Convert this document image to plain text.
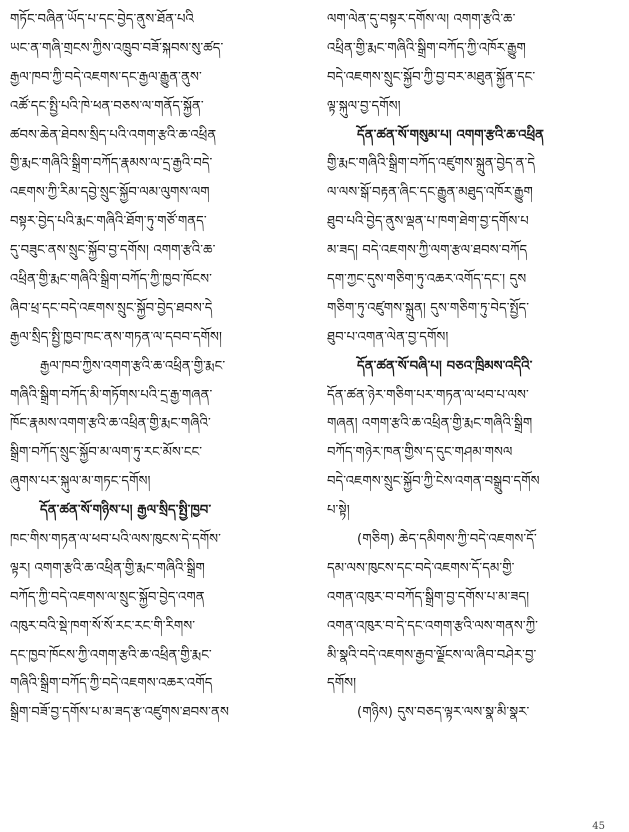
གཏོང་བཞིན་ཡོད་པ་དང་བྱེད་ནུས་ཐོན་པའི
ཡང་ན་གཞི་གྲངས་ཀྱིས་འཁྲུབ་བཟོ་སྐབས་སུ་ཚད་
རྒྱལ་ཁབ་ཀྱི་བདེ་འཇགས་དང་རྒྱལ་རྒྱུན་ནུས་
འཚོ་དང་སྤྱི་པའི་ཁེ་ཕན་བཅས་ལ་གནོད་སྐྱོན་
ཚབས་ཆེན་ཐེབས་སྲིད་པའི་འགག་རྩའི་ཆ་འཕྲིན
གྱི་རྨང་གཞིའི་སྒྲིག་བཀོད་རྣམས་ལ་དྲ་རྒྱའི་བདེ་
འཇགས་ཀྱི་རིམ་དབྱེ་སྲུང་སྐྱོབ་ལམ་ལུགས་ལག
བསྟར་བྱེད་པའི་རྨང་གཞིའི་ཐོག་ཏུ་གཙོ་གནད་
དུ་བཟུང་ནས་སྲུང་སྐྱོབ་བྱ་དགོས། འགག་རྩའི་ཆ་
འཕྲིན་གྱི་རྨང་གཞིའི་སྒྲིག་བཀོད་ཀྱི་ཁྱབ་ཁོངས་
ཞིབ་ཕྲ་དང་བདེ་འཇགས་སྲུང་སྐྱོབ་བྱེད་ཐབས་དེ
རྒྱལ་སྲིད་སྤྱི་ཁྱབ་ཁང་ནས་གཏན་ལ་དབབ་དགོས།
རྒྱལ་ཁབ་ཀྱིས་འགག་རྩའི་ཆ་འཕྲིན་གྱི་རྨང་
གཞིའི་སྒྲིག་བཀོད་མི་གཏོགས་པའི་དྲ་རྒྱ་གཞན་
ཁོང་རྣམས་འགག་རྩའི་ཆ་འཕྲིན་གྱི་རྨང་གཞིའི་
སྒྲིག་བཀོད་སྲུང་སྐྱོབ་མ་ལག་ཏུ་རང་མོས་ངང་
ཞུགས་པར་སྐུལ་མ་གཏང་དགོས།
དོན་ཚན་སོ་གཉིས་པ། རྒྱལ་སྲིད་སྤྱི་ཁྱབ་
ཁང་གིས་གཏན་ལ་ཕབ་པའི་ལས་ཁུངས་དེ་དགོས་
ལྟར། འགག་རྩའི་ཆ་འཕྲིན་གྱི་རྨང་གཞིའི་སྒྲིག
བཀོད་ཀྱི་བདེ་འཇགས་ལ་སྲུང་སྐྱོབ་བྱེད་འགན
འཁུར་བའི་སྡེ་ཁག་སོ་སོ་རང་རང་གི་རིགས་
དང་ཁྱབ་ཁོངས་ཀྱི་འགག་རྩའི་ཆ་འཕྲིན་གྱི་རྨང་
གཞིའི་སྒྲིག་བཀོད་ཀྱི་བདེ་འཇགས་འཆར་འགོད
སྒྲིག་བཟོ་བྱ་དགོས་པ་མ་ཟད་རྩ་འཛུགས་ཐབས་ནས
ལག་ལེན་དུ་བསྟར་དགོས་ལ། འགག་རྩའི་ཆ་
འཕྲིན་གྱི་རྨང་གཞིའི་སྒྲིག་བཀོད་ཀྱི་འཁོར་རྒྱུག
བདེ་འཇགས་སྲུང་སྐྱོབ་ཀྱི་བྱ་བར་མཐུན་སྐྱོན་དང་
ལྟ་སྐུལ་བྱ་དགོས།
དོན་ཚན་སོ་གསུམ་པ། འགག་རྩའི་ཆ་འཕྲིན
གྱི་རྨང་གཞིའི་སྒྲིག་བཀོད་འཛུགས་སྐྲུན་བྱེད་ན་དེ
ལ་ལས་སྒོ་བརྟན་ཞིང་དང་རྒྱུན་མཐུད་འཁོར་རྒྱུག
ཐུབ་པའི་བྱེད་ནུས་ལྡན་པ་ཁག་ཐེག་བྱ་དགོས་པ
མ་ཟད། བདེ་འཇགས་ཀྱི་ལག་རྩལ་ཐབས་བཀོད
དག་ཀྱང་དུས་གཅིག་ཏུ་འཆར་འགོད་དང་། དུས
གཅིག་ཏུ་འཛུགས་སྐྲུན། དུས་གཅིག་ཏུ་བེད་སྤྱོད་
ཐུབ་པ་འགན་ལེན་བྱ་དགོས།
དོན་ཚན་སོ་བཞི་པ། བཅའ་ཁྲིམས་འདིའི་
དོན་ཚན་ཉེར་གཅིག་པར་གཏན་ལ་ཕབ་པ་ལས་
གཞན། འགག་རྩའི་ཆ་འཕྲིན་གྱི་རྨང་གཞིའི་སྒྲིག
བཀོད་གཉེར་ཁན་གྱིས་ད་དུང་གཤམ་གསལ
བདེ་འཇགས་སྲུང་སྐྱོབ་ཀྱི་ངེས་འགན་བསྒྲུབ་དགོས
པ་སྟེ།
(གཅིག) ཆེད་དམིགས་ཀྱི་བདེ་འཇགས་དོ་
དམ་ལས་ཁུངས་དང་བདེ་འཇགས་དོ་དམ་གྱི་
འགན་འཁུར་བ་བཀོད་སྒྲིག་བྱ་དགོས་པ་མ་ཟད།
འགན་འཁུར་བ་དེ་དང་འགག་རྩའི་ལས་གནས་ཀྱི་
མི་སྣའི་བདེ་འཇགས་རྒྱབ་ལྗོངས་ལ་ཞིབ་བཤེར་བྱ་
དགོས།
(གཉིས) དུས་བཅད་ལྟར་ལས་སྣ་མི་སྣར་
45
